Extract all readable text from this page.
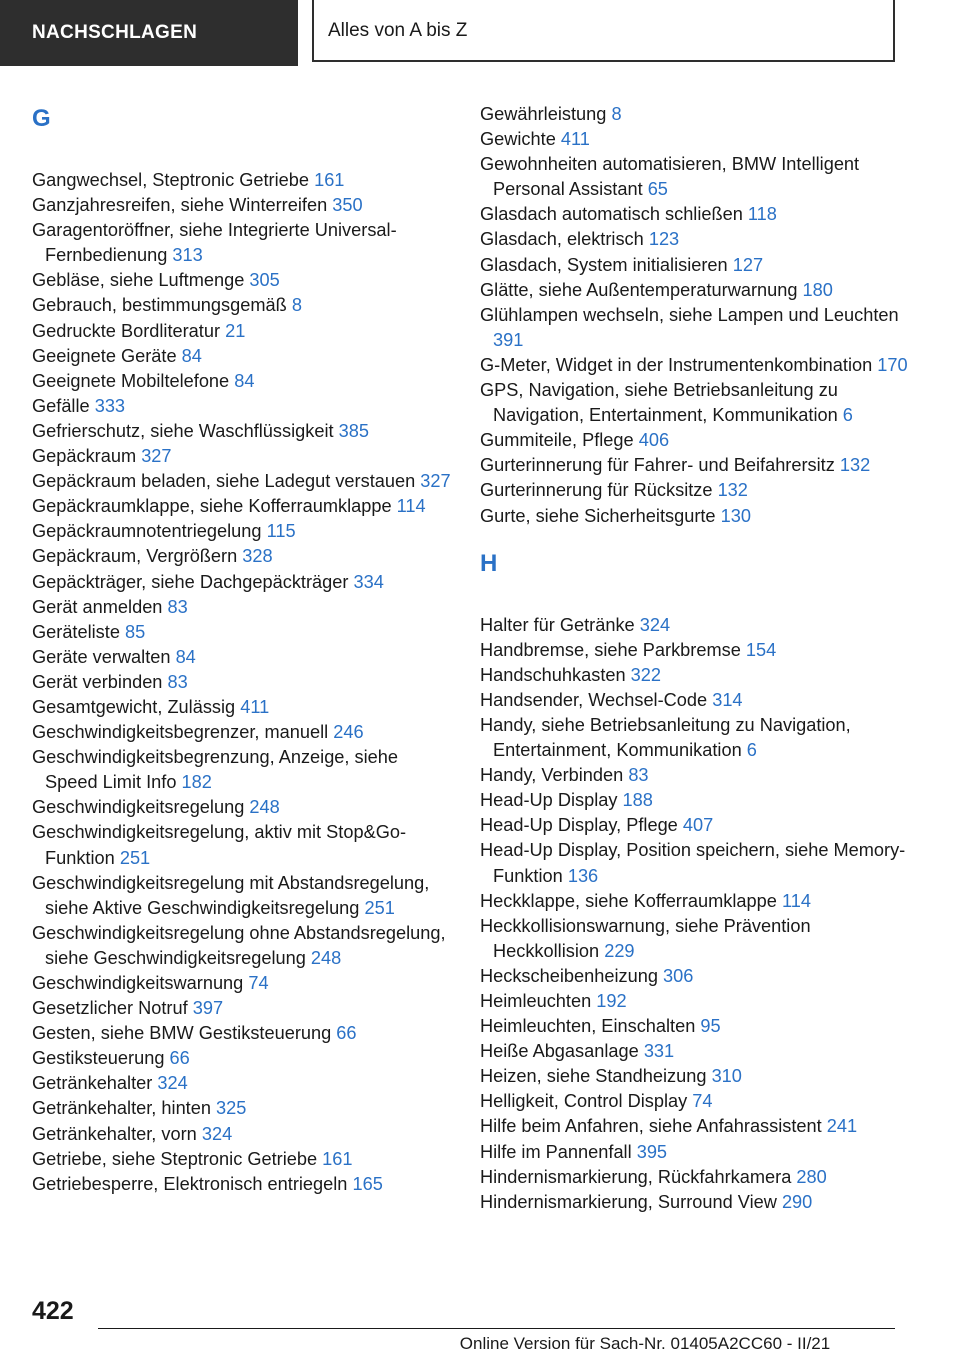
NACHSCHLAGEN	Alles von A bis Z
G
Gangwechsel, Steptronic Getriebe 161
Ganzjahresreifen, siehe Winterreifen 350
Garagentoröffner, siehe Integrierte Universal-Fernbedienung 313
Gebläse, siehe Luftmenge 305
Gebrauch, bestimmungsgemäß 8
Gedruckte Bordliteratur 21
Geeignete Geräte 84
Geeignete Mobiltelefone 84
Gefälle 333
Gefrierschutz, siehe Waschflüssigkeit 385
Gepäckraum 327
Gepäckraum beladen, siehe Ladegut verstauen 327
Gepäckraumklappe, siehe Kofferraumklappe 114
Gepäckraumnotentriegelung 115
Gepäckraum, Vergrößern 328
Gepäckträger, siehe Dachgepäckträger 334
Gerät anmelden 83
Geräteliste 85
Geräte verwalten 84
Gerät verbinden 83
Gesamtgewicht, Zulässig 411
Geschwindigkeitsbegrenzer, manuell 246
Geschwindigkeitsbegrenzung, Anzeige, siehe Speed Limit Info 182
Geschwindigkeitsregelung 248
Geschwindigkeitsregelung, aktiv mit Stop&Go-Funktion 251
Geschwindigkeitsregelung mit Abstandsregelung, siehe Aktive Geschwindigkeitsregelung 251
Geschwindigkeitsregelung ohne Abstandsregelung, siehe Geschwindigkeitsregelung 248
Geschwindigkeitswarnung 74
Gesetzlicher Notruf 397
Gesten, siehe BMW Gestiksteuerung 66
Gestiksteuerung 66
Getränkehalter 324
Getränkehalter, hinten 325
Getränkehalter, vorn 324
Getriebe, siehe Steptronic Getriebe 161
Getriebesperre, Elektronisch entriegeln 165
Gewährleistung 8
Gewichte 411
Gewohnheiten automatisieren, BMW Intelligent Personal Assistant 65
Glasdach automatisch schließen 118
Glasdach, elektrisch 123
Glasdach, System initialisieren 127
Glätte, siehe Außentemperaturwarnung 180
Glühlampen wechseln, siehe Lampen und Leuchten 391
G-Meter, Widget in der Instrumentenkombination 170
GPS, Navigation, siehe Betriebsanleitung zu Navigation, Entertainment, Kommunikation 6
Gummiteile, Pflege 406
Gurterinnerung für Fahrer- und Beifahrersitz 132
Gurterinnerung für Rücksitze 132
Gurte, siehe Sicherheitsgurte 130
H
Halter für Getränke 324
Handbremse, siehe Parkbremse 154
Handschuhkasten 322
Handsender, Wechsel-Code 314
Handy, siehe Betriebsanleitung zu Navigation, Entertainment, Kommunikation 6
Handy, Verbinden 83
Head-Up Display 188
Head-Up Display, Pflege 407
Head-Up Display, Position speichern, siehe Memory-Funktion 136
Heckklappe, siehe Kofferraumklappe 114
Heckkollisionswarnung, siehe Prävention Heckkollision 229
Heckscheibenheizung 306
Heimleuchten 192
Heimleuchten, Einschalten 95
Heiße Abgasanlage 331
Heizen, siehe Standheizung 310
Helligkeit, Control Display 74
Hilfe beim Anfahren, siehe Anfahrassistent 241
Hilfe im Pannenfall 395
Hindernismarkierung, Rückfahrkamera 280
Hindernismarkierung, Surround View 290
422
Online Version für Sach-Nr. 01405A2CC60 - II/21
